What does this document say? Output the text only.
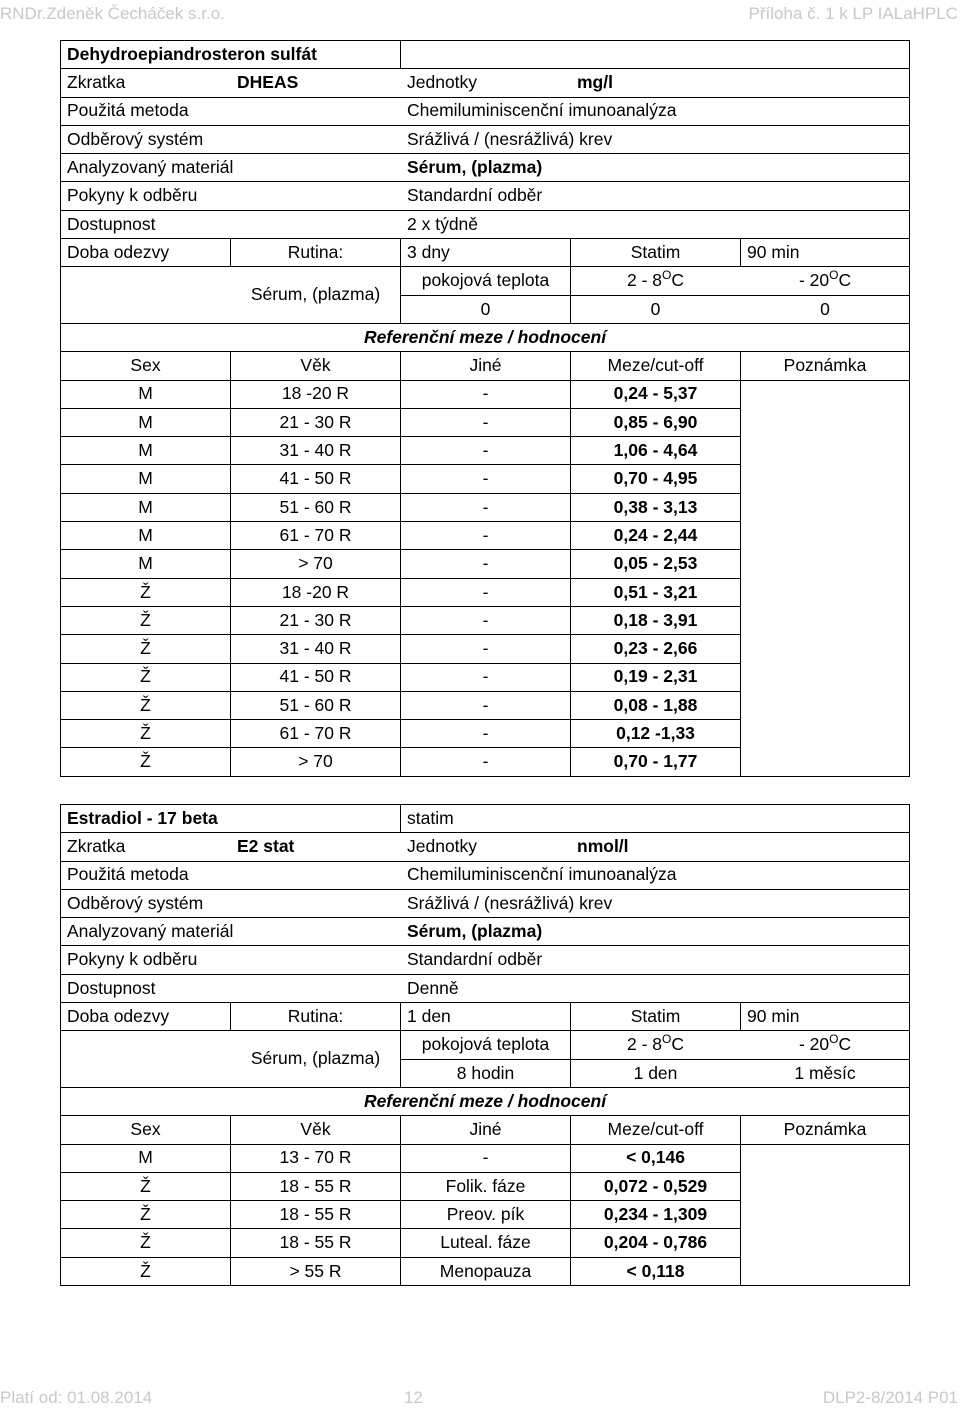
RNDr.Zdeněk Čecháček s.r.o.	Příloha č. 1 k LP IALaHPLC
Dehydroepiandrosteron sulfát				
Zkratka	DHEAS	Jednotky	mg/l	
Použitá metoda		Chemiluminiscenční imunoanalýza		
Odběrový systém		Srážlivá / (nesrážlivá) krev		
Analyzovaný materiál		Sérum, (plazma)		
Pokyny k odběru		Standardní odběr		
Dostupnost		2 x týdně		
Doba odezvy	Rutina:	3 dny	Statim	90 min
	Sérum, (plazma)	pokojová teplota	$2 - 8^OC$	- $20^OC$
		0	0	0
Referenční meze / hodnocení				
Sex	Věk	Jiné	Meze/cut-off	Poznámka
M	18 -20 R	-	0,24 - 5,37	
M	21 - 30 R	-	0,85 - 6,90	
M	31 - 40 R	-	1,06 - 4,64	
M	41 - 50 R	-	0,70 - 4,95	
M	51 - 60 R	-	0,38 - 3,13	
M	61 - 70 R	-	0,24 - 2,44	
M	> 70	-	0,05 - 2,53	
Ž	18 -20 R	-	0,51 - 3,21	
Ž	21 - 30 R	-	0,18 - 3,91	
Ž	31 - 40 R	-	0,23 - 2,66	
Ž	41 - 50 R	-	0,19 - 2,31	
Ž	51 - 60 R	-	0,08 - 1,88	
Ž	61 - 70 R	-	0,12 -1,33	
Ž	> 70	-	0,70 - 1,77	
Estradiol - 17 beta		statim		
Zkratka	E2 stat	Jednotky	nmol/l	
Použitá metoda		Chemiluminiscenční imunoanalýza		
Odběrový systém		Srážlivá / (nesrážlivá) krev		
Analyzovaný materiál		Sérum, (plazma)		
Pokyny k odběru		Standardní odběr		
Dostupnost		Denně		
Doba odezvy	Rutina:	1 den	Statim	90 min
	Sérum, (plazma)	pokojová teplota	$2 - 8^OC$	- $20^OC$
		8 hodin	1 den	1 měsíc
Referenční meze / hodnocení				
Sex	Věk	Jiné	Meze/cut-off	Poznámka
M	13 - 70 R	-	< 0,146	
Ž	18 - 55 R	Folik. fáze	0,072 - 0,529	
Ž	18 - 55 R	Preov. pík	0,234 - 1,309	
Ž	18 - 55 R	Luteal. fáze	0,204 - 0,786	
Ž	> 55 R	Menopauza	< 0,118	
Platí od: 01.08.2014	12	DLP2-8/2014 P01
